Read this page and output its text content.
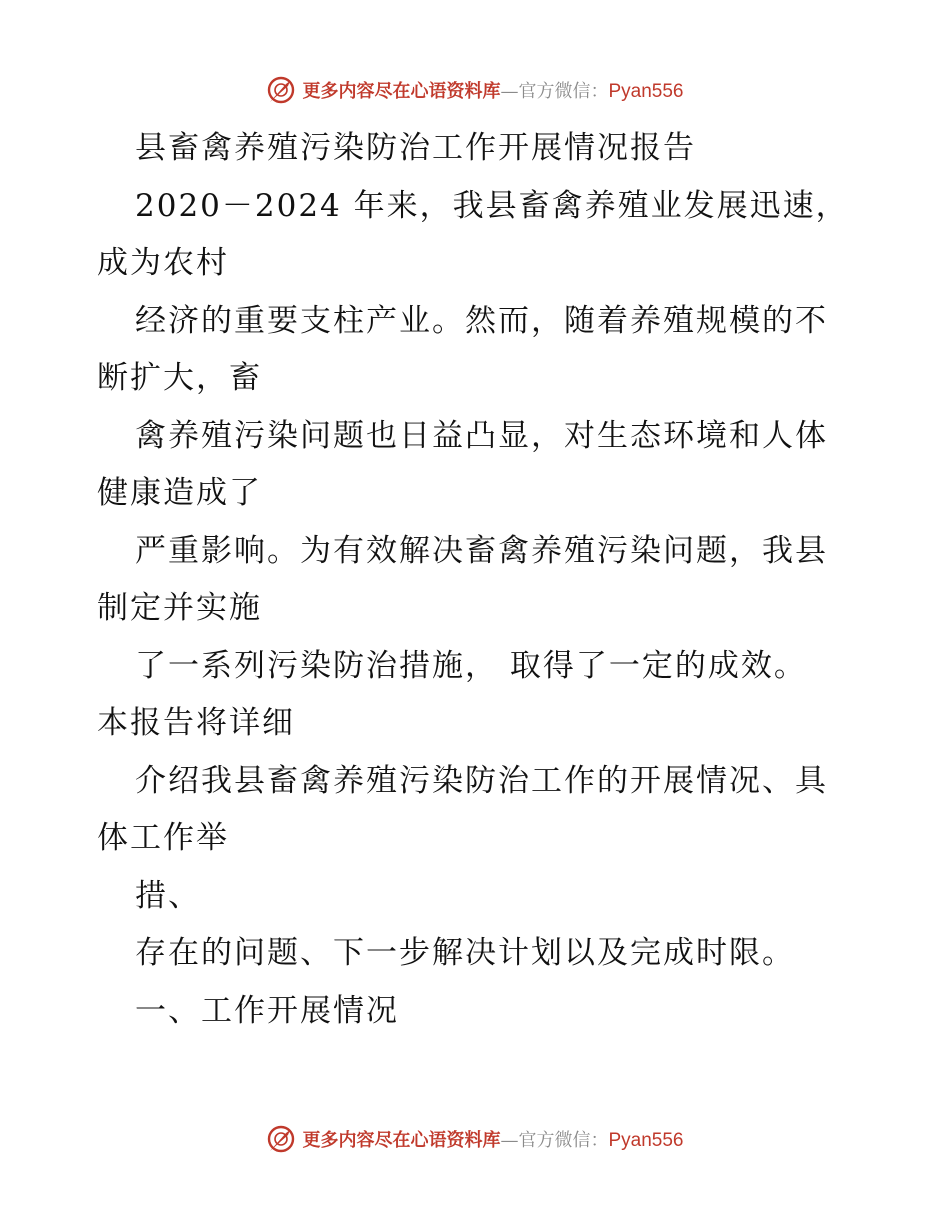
更多内容尽在心语资料库—官方微信：Pyan556
县畜禽养殖污染防治工作开展情况报告
2020－2024 年来，我县畜禽养殖业发展迅速，
成为农村
经济的重要支柱产业。然而，随着养殖规模的不
断扩大，畜
禽养殖污染问题也日益凸显，对生态环境和人体
健康造成了
严重影响。为有效解决畜禽养殖污染问题，我县
制定并实施
了一系列污染防治措施， 取得了一定的成效。
本报告将详细
介绍我县畜禽养殖污染防治工作的开展情况、具
体工作举
措、
存在的问题、下一步解决计划以及完成时限。
一、工作开展情况
更多内容尽在心语资料库—官方微信：Pyan556
